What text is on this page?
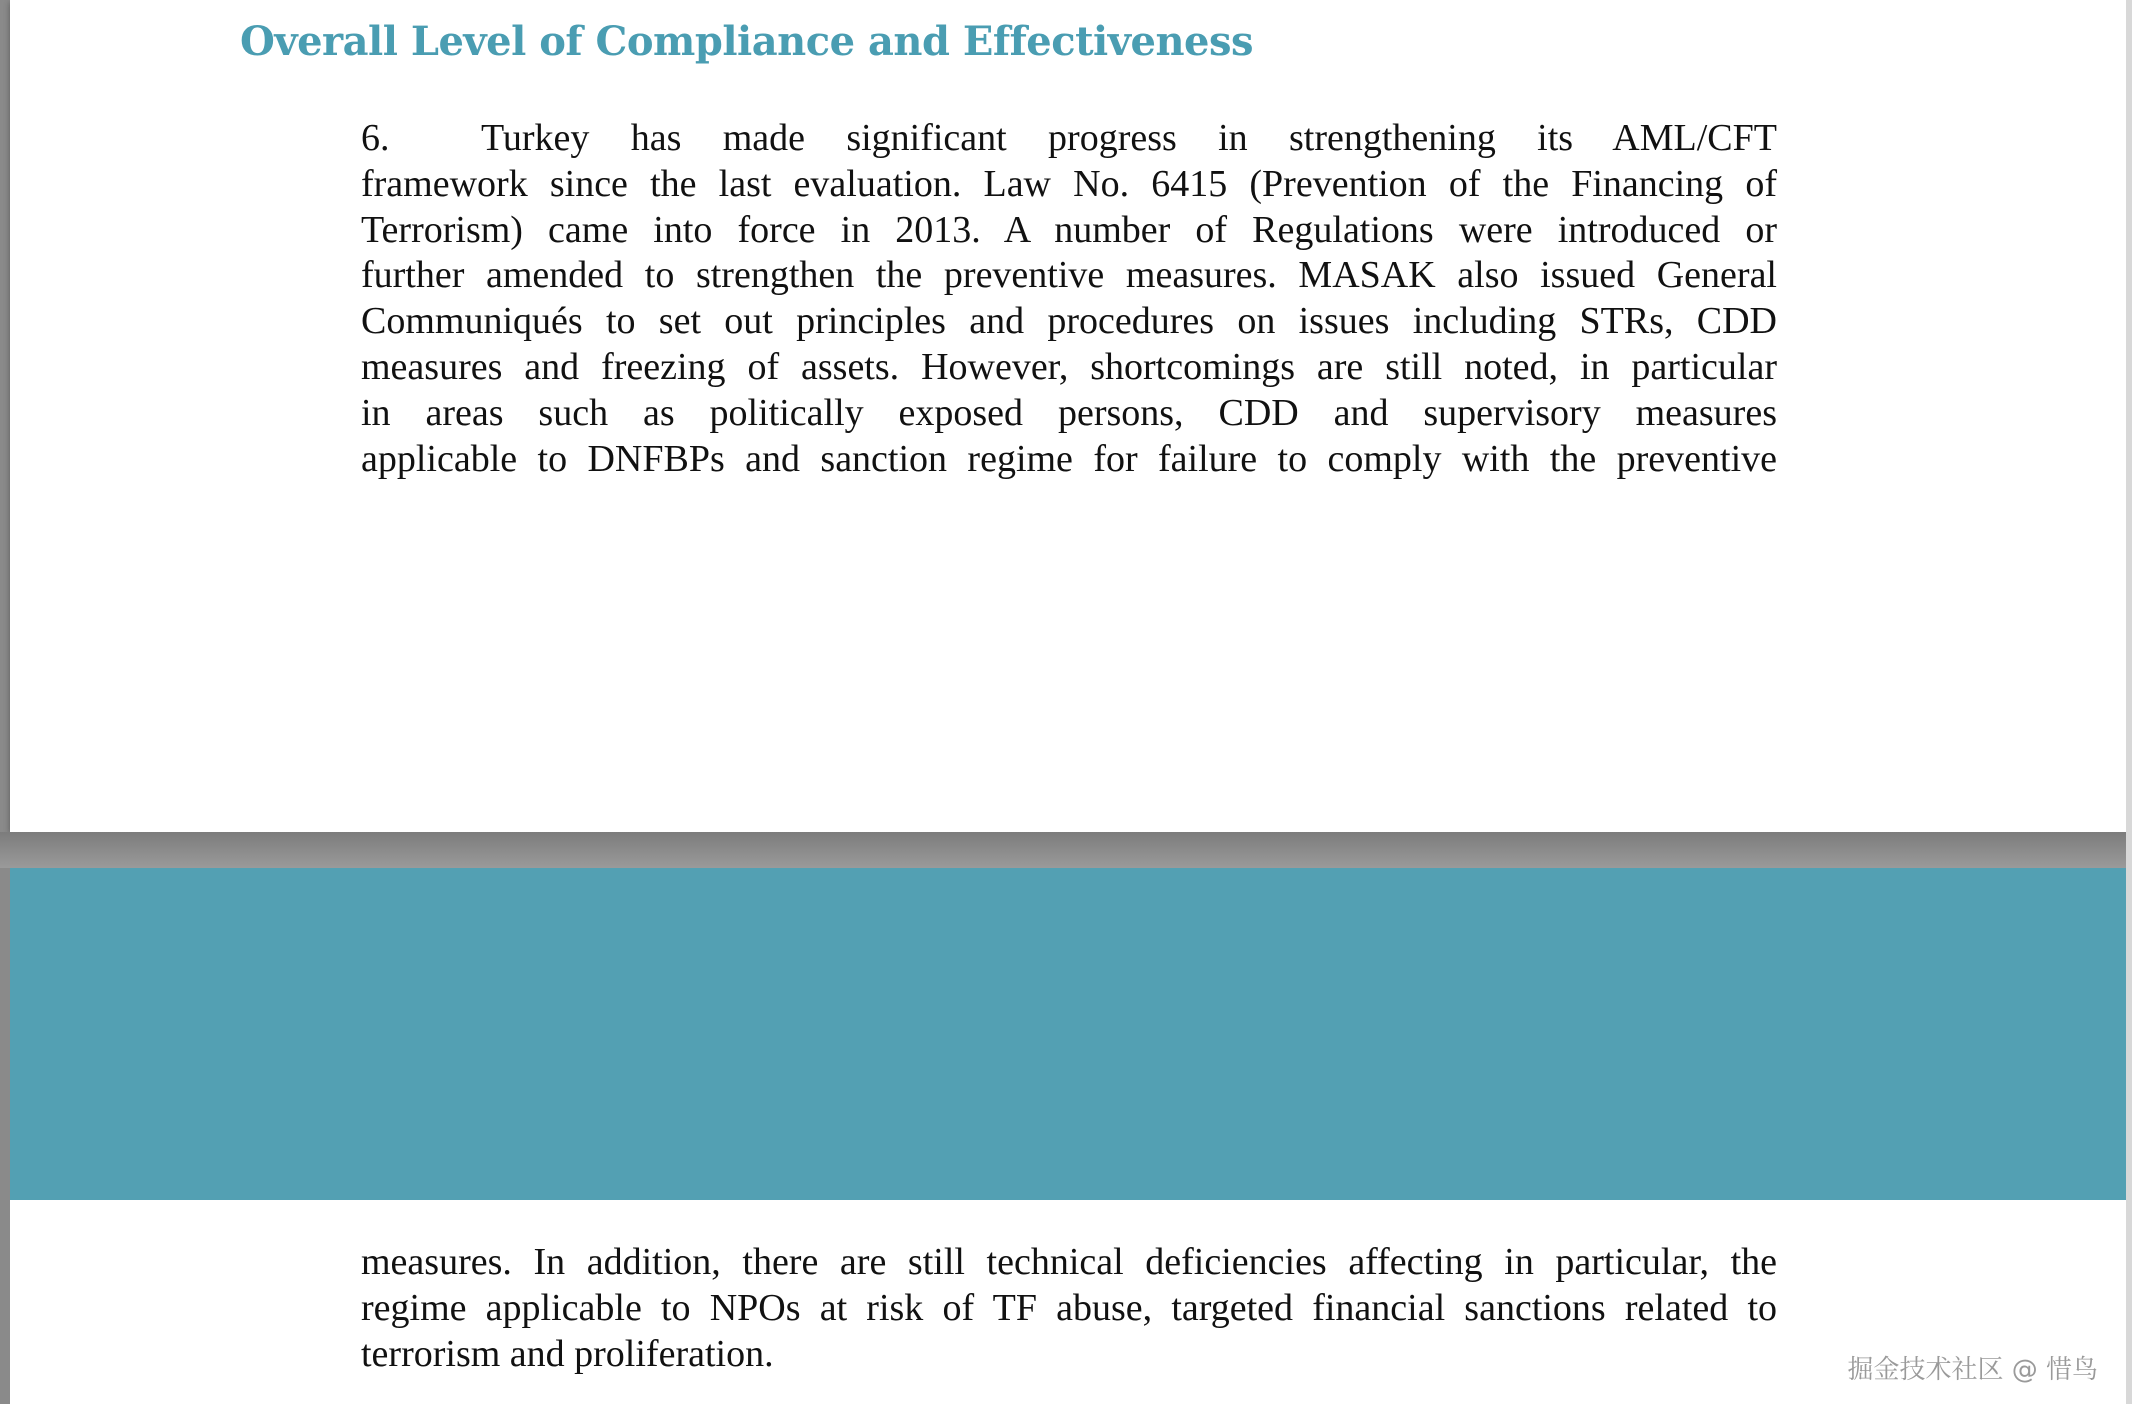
Overall Level of Compliance and Effectiveness
6. Turkey has made significant progress in strengthening its AML/CFT
framework since the last evaluation. Law No. 6415 (Prevention of the Financing of
Terrorism) came into force in 2013. A number of Regulations were introduced or
further amended to strengthen the preventive measures. MASAK also issued General
Communiqués to set out principles and procedures on issues including STRs, CDD
measures and freezing of assets. However, shortcomings are still noted, in particular
in areas such as politically exposed persons, CDD and supervisory measures
applicable to DNFBPs and sanction regime for failure to comply with the preventive
measures. In addition, there are still technical deficiencies affecting in particular, the
regime applicable to NPOs at risk of TF abuse, targeted financial sanctions related to
terrorism and proliferation.	掘金技术社区 @ 惜鸟
